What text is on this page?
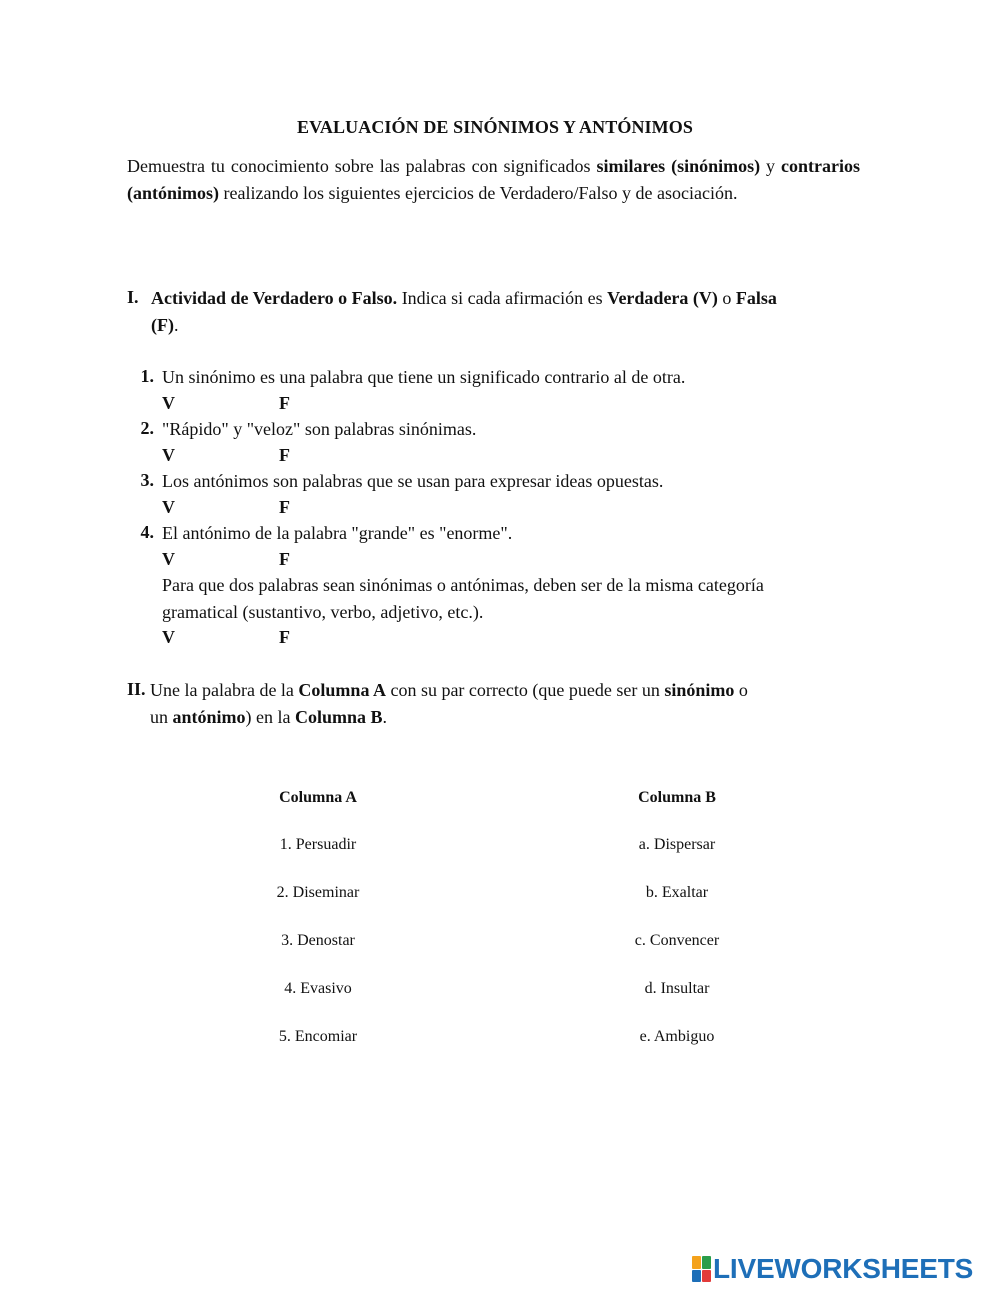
EVALUACIÓN DE SINÓNIMOS Y ANTÓNIMOS
Demuestra tu conocimiento sobre las palabras con significados similares (sinónimos) y contrarios (antónimos) realizando los siguientes ejercicios de Verdadero/Falso y de asociación.
I. Actividad de Verdadero o Falso. Indica si cada afirmación es Verdadera (V) o Falsa
(F).
1. Un sinónimo es una palabra que tiene un significado contrario al de otra.
V	F
2. "Rápido" y "veloz" son palabras sinónimas.
V	F
3. Los antónimos son palabras que se usan para expresar ideas opuestas.
V	F
4. El antónimo de la palabra "grande" es "enorme".
V	F
Para que dos palabras sean sinónimas o antónimas, deben ser de la misma categoría
gramatical (sustantivo, verbo, adjetivo, etc.).
V	F
II. Une la palabra de la Columna A con su par correcto (que puede ser un sinónimo o
un antónimo) en la Columna B.
Columna A	Columna B
1. Persuadir	a. Dispersar
2. Diseminar	b. Exaltar
3. Denostar	c. Convencer
4. Evasivo	d. Insultar
5. Encomiar	e. Ambiguo
LIVEWORKSHEETS
